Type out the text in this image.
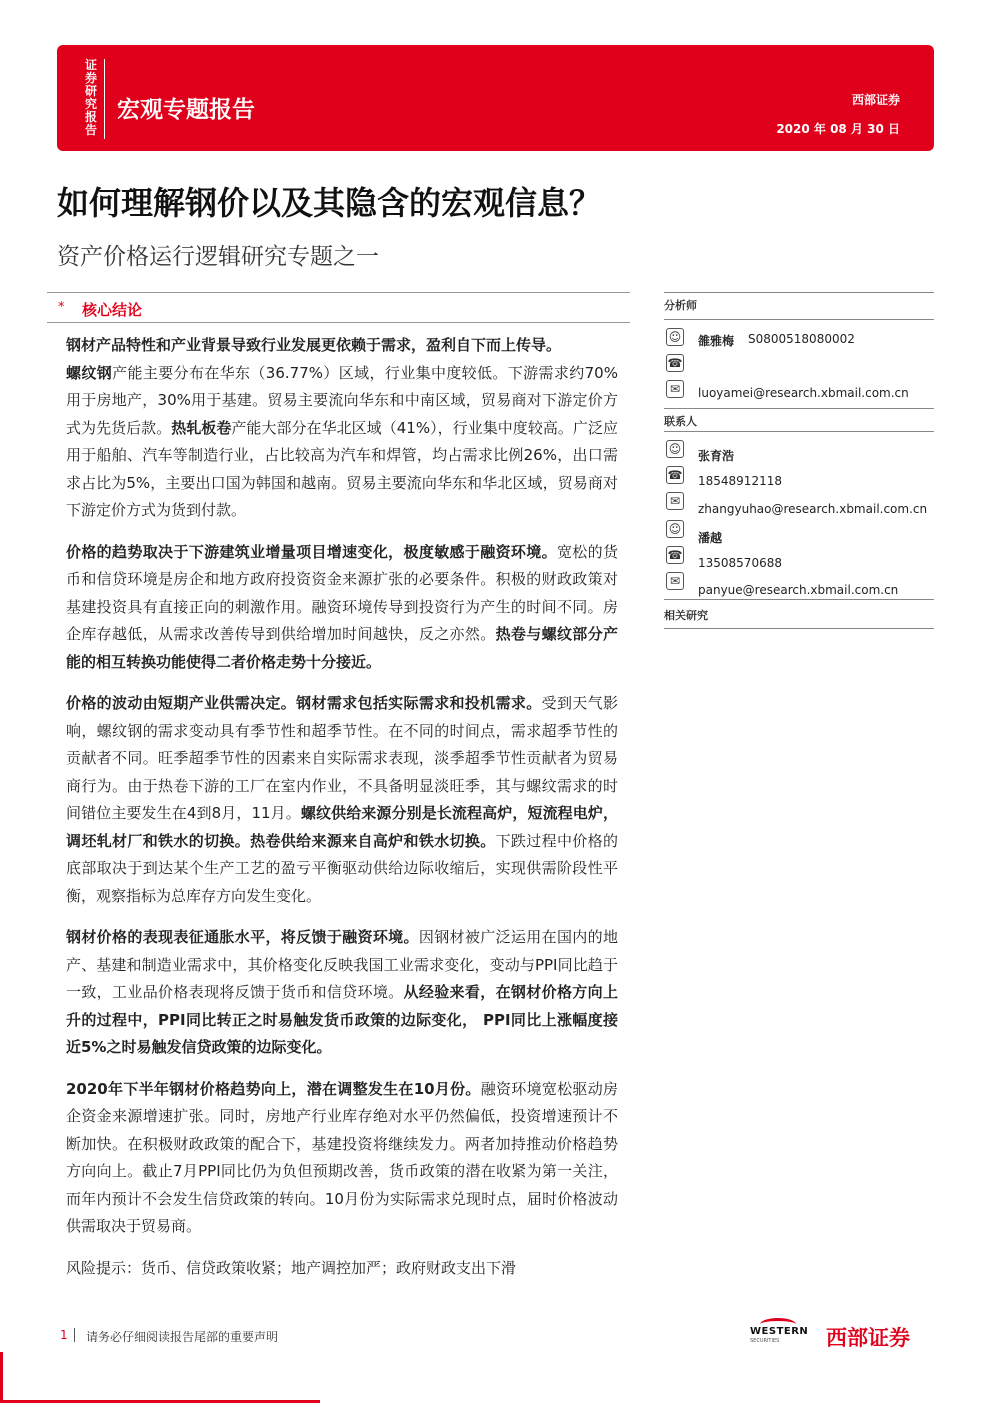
证券研究报告
宏观专题报告	西部证券
2020 年 08 月 30 日
如何理解钢价以及其隐含的宏观信息？
资产价格运行逻辑研究专题之一
* 核心结论

钢材产品特性和产业背景导致行业发展更依赖于需求，盈利自下而上传导。
螺纹钢产能主要分布在华东（36.77%）区域，行业集中度较低。下游需求约70%用于房地产，30%用于基建。贸易主要流向华东和中南区域，贸易商对下游定价方式为先货后款。热轧板卷产能大部分在华北区域（41%），行业集中度较高。广泛应用于船舶、汽车等制造行业，占比较高为汽车和焊管，均占需求比例26%，出口需求占比为5%，主要出口国为韩国和越南。贸易主要流向华东和华北区域，贸易商对下游定价方式为货到付款。

价格的趋势取决于下游建筑业增量项目增速变化，极度敏感于融资环境。宽松的货币和信贷环境是房企和地方政府投资资金来源扩张的必要条件。积极的财政政策对基建投资具有直接正向的刺激作用。融资环境传导到投资行为产生的时间不同。房企库存越低，从需求改善传导到供给增加时间越快，反之亦然。热卷与螺纹部分产能的相互转换功能使得二者价格走势十分接近。

价格的波动由短期产业供需决定。钢材需求包括实际需求和投机需求。受到天气影响，螺纹钢的需求变动具有季节性和超季节性。在不同的时间点，需求超季节性的贡献者不同。旺季超季节性的因素来自实际需求表现，淡季超季节性贡献者为贸易商行为。由于热卷下游的工厂在室内作业，不具备明显淡旺季，其与螺纹需求的时间错位主要发生在4到8月，11月。螺纹供给来源分别是长流程高炉，短流程电炉，调坯轧材厂和铁水的切换。热卷供给来源来自高炉和铁水切换。下跌过程中价格的底部取决于到达某个生产工艺的盈亏平衡驱动供给边际收缩后，实现供需阶段性平衡，观察指标为总库存方向发生变化。

钢材价格的表现表征通胀水平，将反馈于融资环境。因钢材被广泛运用在国内的地产、基建和制造业需求中，其价格变化反映我国工业需求变化，变动与PPI同比趋于一致，工业品价格表现将反馈于货币和信贷环境。从经验来看，在钢材价格方向上升的过程中，PPI同比转正之时易触发货币政策的边际变化， PPI同比上涨幅度接近5%之时易触发信贷政策的边际变化。

2020年下半年钢材价格趋势向上，潜在调整发生在10月份。融资环境宽松驱动房企资金来源增速扩张。同时，房地产行业库存绝对水平仍然偏低，投资增速预计不断加快。在积极财政政策的配合下，基建投资将继续发力。两者加持推动价格趋势方向向上。截止7月PPI同比仍为负但预期改善，货币政策的潜在收紧为第一关注，而年内预计不会发生信贷政策的转向。10月份为实际需求兑现时点，届时价格波动供需取决于贸易商。

风险提示：货币、信贷政策收紧；地产调控加严；政府财政支出下滑

分析师
☺ 雒雅梅 S0800518080002
☎
✉	luoyamei@research.xbmail.com.cn
联系人
☺ 张育浩
☎ 18548912118
✉
zhangyuhao@research.xbmail.com.cn
☺
潘越
☎
13508570688
✉
panyue@research.xbmail.com.cn
相关研究
1 请务必仔细阅读报告尾部的重要声明	WESTERN
SECURITIES 西部证券
